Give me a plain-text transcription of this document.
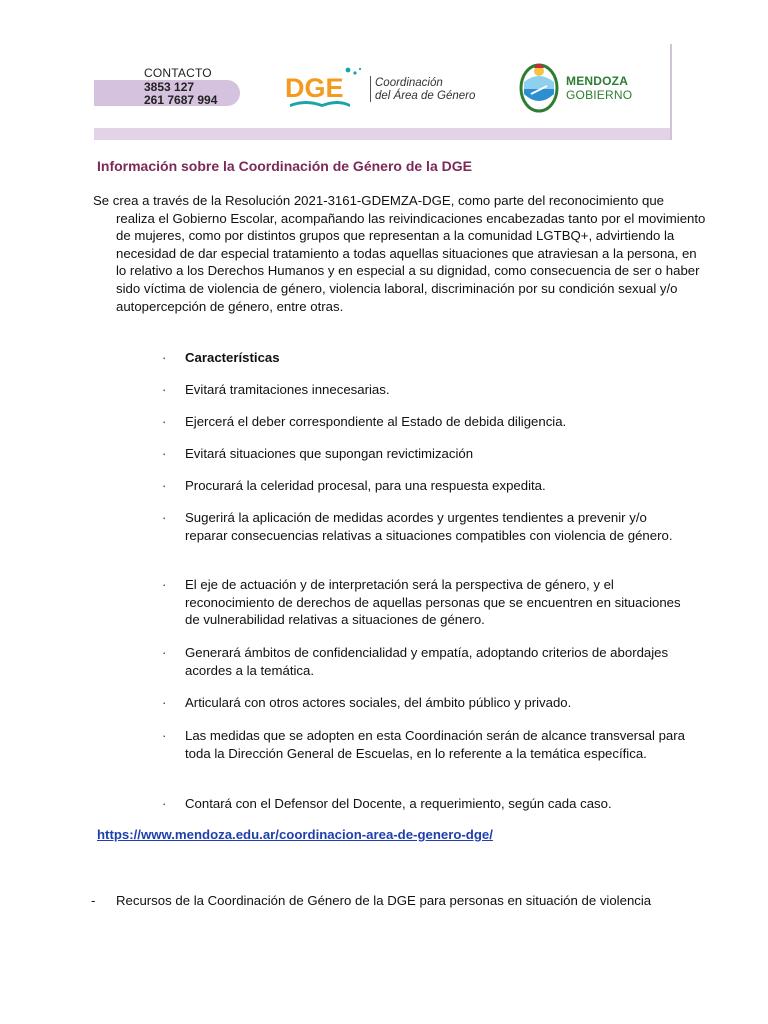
CONTACTO
3853 127
261 7687 994	DGE	Coordinación
del Área de Género
MENDOZA
GOBIERNO
Información sobre la Coordinación de Género de la DGE

Se crea a través de la Resolución 2021-3161-GDEMZA-DGE, como parte del reconocimiento que realiza el Gobierno Escolar, acompañando las reivindicaciones encabezadas tanto por el movimiento de mujeres, como por distintos grupos que representan a la comunidad LGTBQ+, advirtiendo la necesidad de dar especial tratamiento a todas aquellas situaciones que atraviesan a la persona, en lo relativo a los Derechos Humanos y en especial a su dignidad, como consecuencia de ser o haber sido víctima de violencia de género, violencia laboral, discriminación por su condición sexual y/o autopercepción de género, entre otras.

· Características
· Evitará tramitaciones innecesarias.
· Ejercerá el deber correspondiente al Estado de debida diligencia.
· Evitará situaciones que supongan revictimización
· Procurará la celeridad procesal, para una respuesta expedita.
· Sugerirá la aplicación de medidas acordes y urgentes tendientes a prevenir y/o reparar consecuencias relativas a situaciones compatibles con violencia de género.
· El eje de actuación y de interpretación será la perspectiva de género, y el reconocimiento de derechos de aquellas personas que se encuentren en situaciones de vulnerabilidad relativas a situaciones de género.
· Generará ámbitos de confidencialidad y empatía, adoptando criterios de abordajes acordes a la temática.
· Articulará con otros actores sociales, del ámbito público y privado.
· Las medidas que se adopten en esta Coordinación serán de alcance transversal para toda la Dirección General de Escuelas, en lo referente a la temática específica.
· Contará con el Defensor del Docente, a requerimiento, según cada caso.
https://www.mendoza.edu.ar/coordinacion-area-de-genero-dge/
- Recursos de la Coordinación de Género de la DGE para personas en situación de violencia
